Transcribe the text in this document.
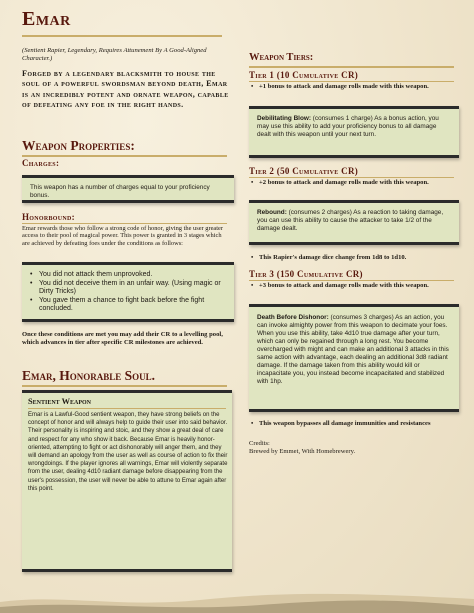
Emar
(Sentient Rapier, Legendary, Requires Attunement By A Good-Aligned Character.)
Forged by a legendary blacksmith to house the soul of a powerful swordsman beyond death, Emar is an incredibly potent and ornate weapon, capable of defeating any foe in the right hands.
Weapon Properties:
Charges:
This weapon has a number of charges equal to your proficiency bonus.
Honorbound:
Emar rewards those who follow a strong code of honor, giving the user greater access to their pool of magical power. This power is granted in 3 stages which are achieved by defeating foes under the conditions as follows:
• You did not attack them unprovoked.
• You did not deceive them in an unfair way. (Using magic or Dirty Tricks)
• You gave them a chance to fight back before the fight concluded.
Once these conditions are met you may add their CR to a levelling pool, which advances in tier after specific CR milestones are achieved.
Emar, Honorable Soul.
Sentient Weapon
Emar is a Lawful-Good sentient weapon, they have strong beliefs on the concept of honor and will always help to guide their user into said behavior. Their personality is inspiring and stoic, and they show a great deal of care and respect for any who show it back. Because Emar is heavily honor-oriented, attempting to fight or act dishonorably will anger them, and they will demand an apology from the user as well as course of action to fix their wrongdoings. If the player ignores all warnings, Emar will violently separate from the user, dealing 4d10 radiant damage before disappearing from the user's possession, the user will never be able to attune to Emar again after this point.
Weapon Tiers:
Tier 1 (10 Cumulative CR)
• +1 bonus to attack and damage rolls made with this weapon.
Debilitating Blow: (consumes 1 charge) As a bonus action, you may use this ability to add your proficiency bonus to all damage dealt with this weapon until your next turn.
Tier 2 (50 Cumulative CR)
• +2 bonus to attack and damage rolls made with this weapon.
Rebound: (consumes 2 charges) As a reaction to taking damage, you can use this ability to cause the attacker to take 1/2 of the damage dealt.
• This Rapier's damage dice change from 1d8 to 1d10.
Tier 3 (150 Cumulative CR)
• +3 bonus to attack and damage rolls made with this weapon.
Death Before Dishonor: (consumes 3 charges) As an action, you can invoke almighty power from this weapon to decimate your foes. When you use this ability, take 4d10 true damage after your turn, which can only be regained through a long rest. You become overcharged with might and can make an additional 3 attacks in this same action with advantage, each dealing an additional 3d8 radiant damage. If the damage taken from this ability would kill or incapacitate you, you instead become incapacitated and stabilized with 1hp.
• This weapon bypasses all damage immunities and resistances
Credits:
Brewed by Emmet, With Homebrewery.
